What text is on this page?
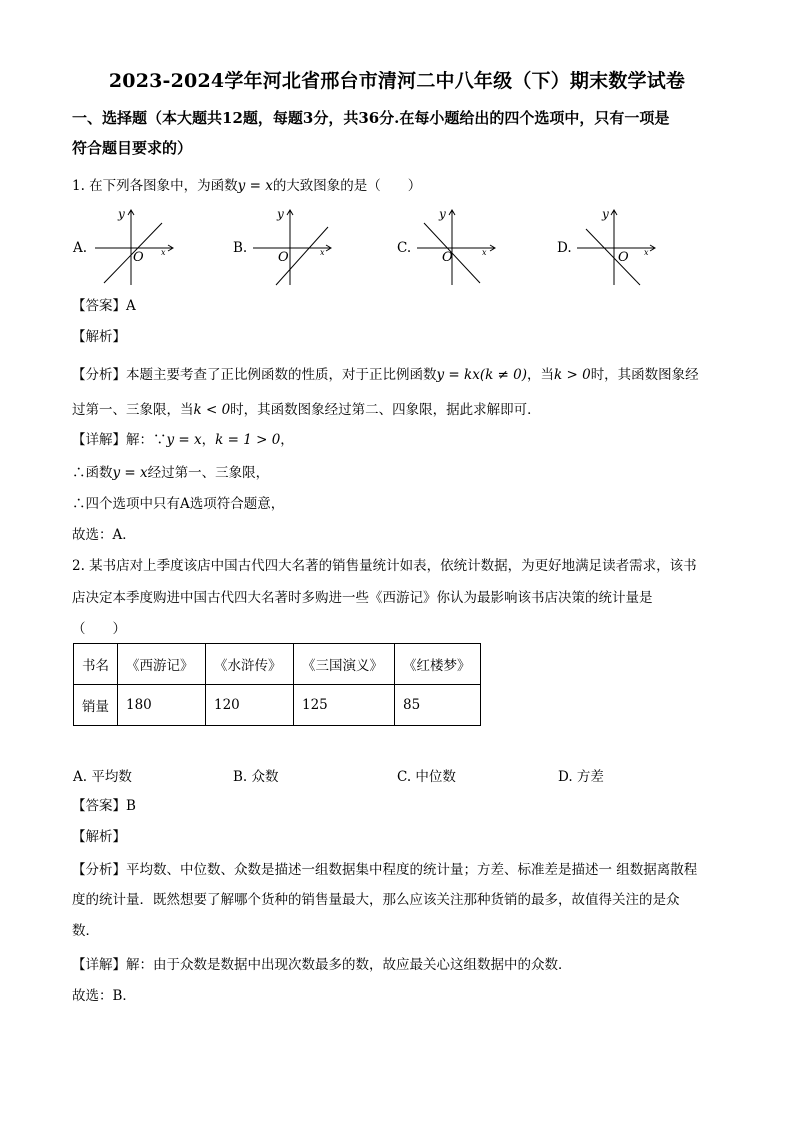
2023-2024学年河北省邢台市清河二中八年级（下）期末数学试卷
一、选择题（本大题共12题，每题3分，共36分.在每小题给出的四个选项中，只有一项是
符合题目要求的）
1. 在下列各图象中，为函数y = x的大致图象的是（　　）
A.
y
O x	B.
y
O	x	C.
y
O	x	D.
y
O x
【答案】A
【解析】
【分析】本题主要考查了正比例函数的性质，对于正比例函数y = kx(k ≠ 0)，当k > 0时，其函数图象经
过第一、三象限，当k < 0时，其函数图象经过第二、四象限，据此求解即可．
【详解】解：∵y = x，k = 1 > 0，
∴函数y = x经过第一、三象限，
∴四个选项中只有A选项符合题意，
故选：A．
2. 某书店对上季度该店中国古代四大名著的销售量统计如表，依统计数据，为更好地满足读者需求，该书
店决定本季度购进中国古代四大名著时多购进一些《西游记》你认为最影响该书店决策的统计量是
（　　）
书名	《西游记》	《水浒传》	《三国演义》	《红楼梦》
销量	180	120	125	85
A. 平均数	B. 众数	C. 中位数	D. 方差
【答案】B
【解析】
【分析】平均数、中位数、众数是描述一组数据集中程度的统计量；方差、标准差是描述一 组数据离散程
度的统计量．既然想要了解哪个货种的销售量最大，那么应该关注那种货销的最多，故值得关注的是众
数．
【详解】解：由于众数是数据中出现次数最多的数，故应最关心这组数据中的众数．
故选：B．
